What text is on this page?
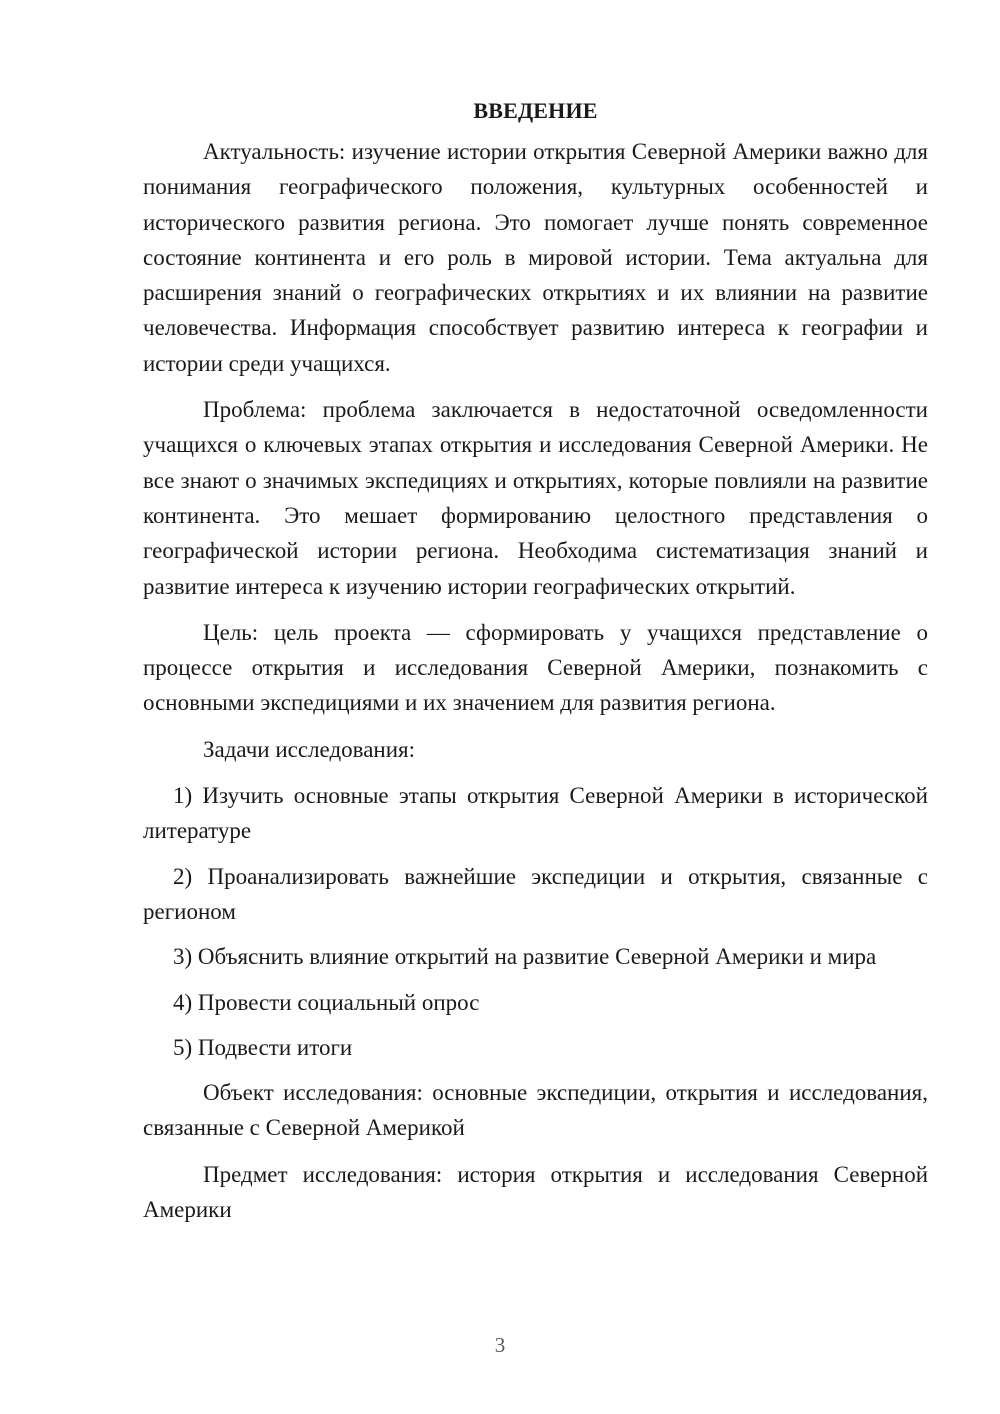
ВВЕДЕНИЕ

Актуальность: изучение истории открытия Северной Америки важно для понимания географического положения, культурных особенностей и исторического развития региона. Это помогает лучше понять современное состояние континента и его роль в мировой истории. Тема актуальна для расширения знаний о географических открытиях и их влиянии на развитие человечества. Информация способствует развитию интереса к географии и истории среди учащихся.

Проблема: проблема заключается в недостаточной осведомленности учащихся о ключевых этапах открытия и исследования Северной Америки. Не все знают о значимых экспедициях и открытиях, которые повлияли на развитие континента. Это мешает формированию целостного представления о географической истории региона. Необходима систематизация знаний и развитие интереса к изучению истории географических открытий.

Цель: цель проекта — сформировать у учащихся представление о процессе открытия и исследования Северной Америки, познакомить с основными экспедициями и их значением для развития региона.

Задачи исследования:

1) Изучить основные этапы открытия Северной Америки в исторической литературе

2) Проанализировать важнейшие экспедиции и открытия, связанные с регионом

3) Объяснить влияние открытий на развитие Северной Америки и мира

4) Провести социальный опрос

5) Подвести итоги

Объект исследования: основные экспедиции, открытия и исследования, связанные с Северной Америкой

Предмет исследования: история открытия и исследования Северной Америки

3
